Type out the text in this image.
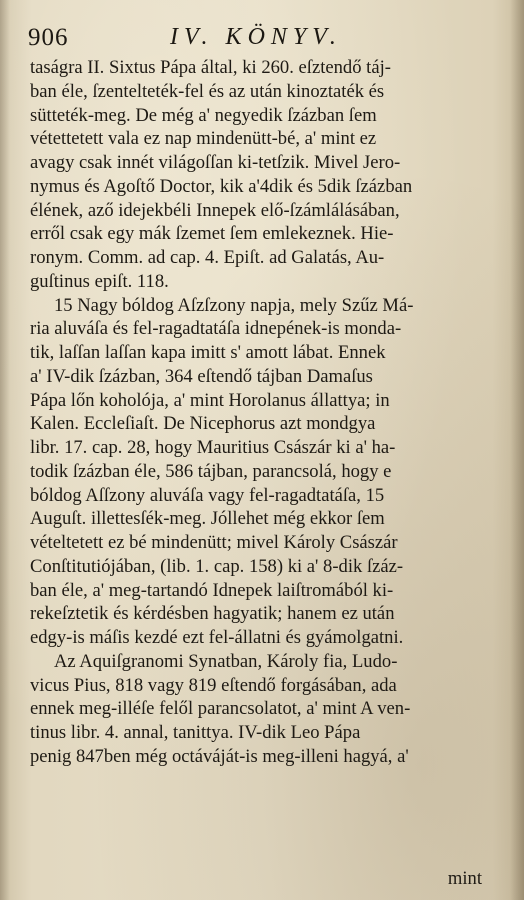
906	IV. KÖNYV.
taságra II. Sixtus Pápa által, ki 260. eſztendő táj-
ban éle, ſzentelteték-fel és az után kinoztaték és
sütteték-meg. De még a' negyedik ſzázban ſem
vétettetett vala ez nap mindenütt-bé, a' mint ez
avagy csak innét világoſſan ki-tetſzik. Mivel Jero-
nymus és Agoſtő Doctor, kik a'4dik és 5dik ſzázban
élének, aző idejekbéli Innepek elő-ſzámlálásában,
erről csak egy mák ſzemet ſem emlekeznek. Hie-
ronym. Comm. ad cap. 4. Epiſt. ad Galatás, Au-
guſtinus epiſt. 118.
15 Nagy bóldog Aſzſzony napja, mely Szűz Má-
ria aluváſa és fel-ragadtatáſa idnepének-is monda-
tik, laſſan laſſan kapa imitt s' amott lábat. Ennek
a' IV-dik ſzázban, 364 eſtendő tájban Damaſus
Pápa lőn koholója, a' mint Horolanus állattya; in
Kalen. Eccleſiaſt. De Nicephorus azt mondgya
libr. 17. cap. 28, hogy Mauritius Császár ki a' ha-
todik ſzázban éle, 586 tájban, parancsolá, hogy e
bóldog Aſſzony aluváſa vagy fel-ragadtatáſa, 15
Auguſt. illettesſék-meg. Jóllehet még ekkor ſem
vételtetett ez bé mindenütt; mivel Károly Császár
Conſtitutiójában, (lib. 1. cap. 158) ki a' 8-dik ſzáz-
ban éle, a' meg-tartandó Idnepek laiſtromából ki-
rekeſztetik és kérdésben hagyatik; hanem ez után
edgy-is máſis kezdé ezt fel-állatni és gyámolgatni.
Az Aquiſgranomi Synatban, Károly fia, Ludo-
vicus Pius, 818 vagy 819 eſtendő forgásában, ada
ennek meg-illéſe felől parancsolatot, a' mint A ven-
tinus libr. 4. annal, tanittya. IV-dik Leo Pápa
penig 847ben még octáváját-is meg-illeni hagyá, a'
mint
